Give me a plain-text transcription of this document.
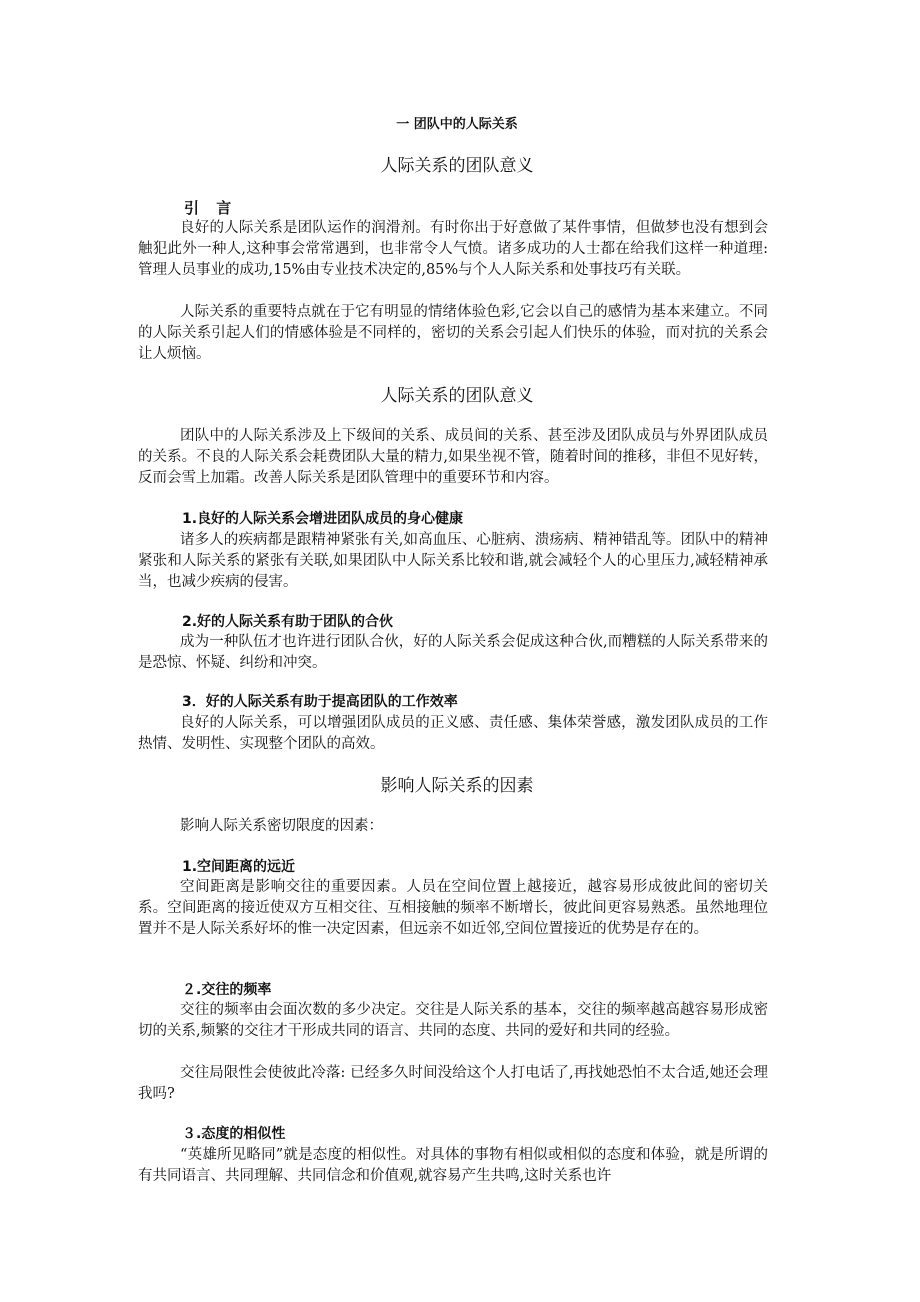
一 团队中的人际关系
人际关系的团队意义
引 言

良好的人际关系是团队运作的润滑剂。有时你出于好意做了某件事情，但做梦也没有想到会触犯此外一种人,这种事会常常遇到，也非常令人气愤。诸多成功的人士都在给我们这样一种道理:管理人员事业的成功,15%由专业技术决定的,85%与个人人际关系和处事技巧有关联。

人际关系的重要特点就在于它有明显的情绪体验色彩,它会以自己的感情为基本来建立。不同的人际关系引起人们的情感体验是不同样的，密切的关系会引起人们快乐的体验，而对抗的关系会让人烦恼。

人际关系的团队意义

团队中的人际关系涉及上下级间的关系、成员间的关系、甚至涉及团队成员与外界团队成员的关系。不良的人际关系会耗费团队大量的精力,如果坐视不管，随着时间的推移，非但不见好转，反而会雪上加霜。改善人际关系是团队管理中的重要环节和内容。

1.良好的人际关系会增进团队成员的身心健康

诸多人的疾病都是跟精神紧张有关,如高血压、心脏病、溃疡病、精神错乱等。团队中的精神紧张和人际关系的紧张有关联,如果团队中人际关系比较和谐,就会减轻个人的心里压力,减轻精神承当，也减少疾病的侵害。

2.好的人际关系有助于团队的合伙

成为一种队伍才也许进行团队合伙，好的人际关系会促成这种合伙,而糟糕的人际关系带来的是恐惊、怀疑、纠纷和冲突。

3．好的人际关系有助于提高团队的工作效率

良好的人际关系，可以增强团队成员的正义感、责任感、集体荣誉感，激发团队成员的工作热情、发明性、实现整个团队的高效。

影响人际关系的因素

影响人际关系密切限度的因素：

1.空间距离的远近

空间距离是影响交往的重要因素。人员在空间位置上越接近，越容易形成彼此间的密切关系。空间距离的接近使双方互相交往、互相接触的频率不断增长，彼此间更容易熟悉。虽然地理位置并不是人际关系好坏的惟一决定因素，但远亲不如近邻,空间位置接近的优势是存在的。

２.交往的频率

交往的频率由会面次数的多少决定。交往是人际关系的基本，交往的频率越高越容易形成密切的关系,频繁的交往才干形成共同的语言、共同的态度、共同的爱好和共同的经验。

交往局限性会使彼此冷落: 已经多久时间没给这个人打电话了,再找她恐怕不太合适,她还会理我吗?

３.态度的相似性

“英雄所见略同”就是态度的相似性。对具体的事物有相似或相似的态度和体验，就是所谓的有共同语言、共同理解、共同信念和价值观,就容易产生共鸣,这时关系也许
